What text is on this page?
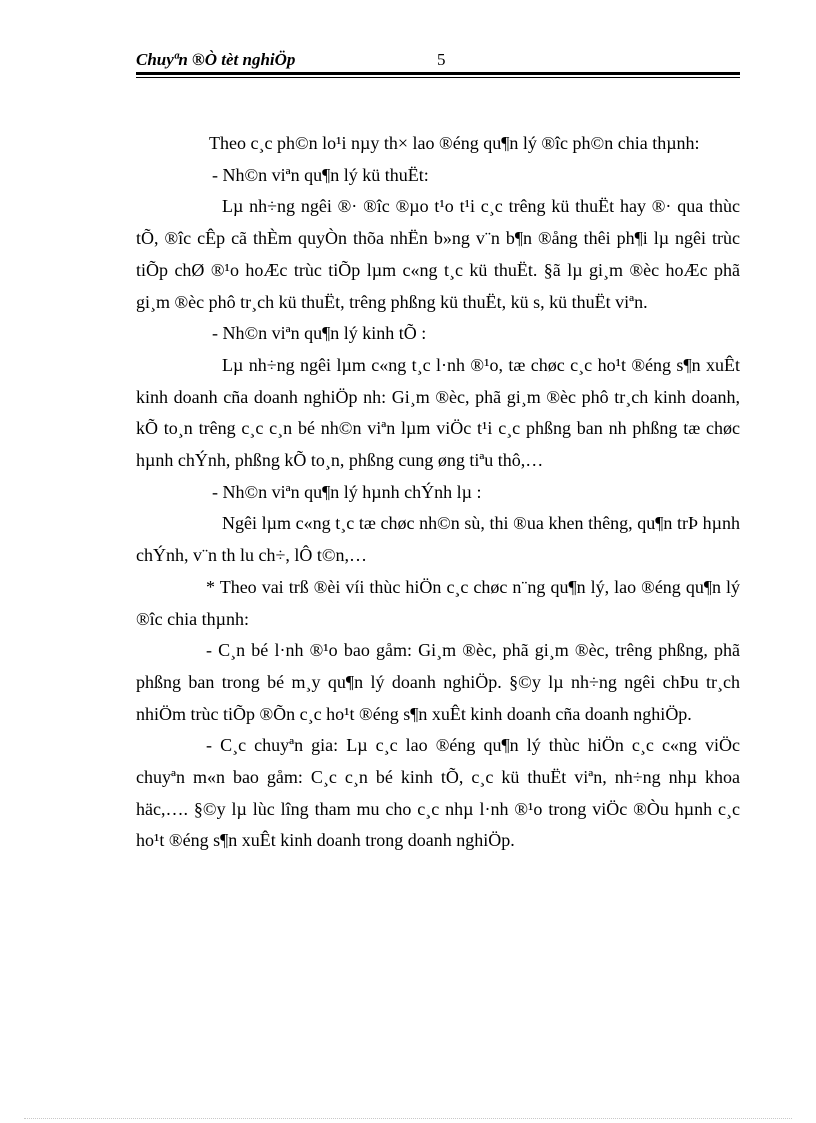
Chuyªn ®Ò tèt nghiÖp	5

Theo c¸c ph©n lo¹i nµy th× lao ®éng qu¶n lý ®îc ph©n chia thµnh:

- Nh©n viªn qu¶n lý kü thuËt:

Lµ nh÷ng ngêi ®· ®îc ®µo t¹o t¹i c¸c trêng kü thuËt hay ®· qua thùc tÕ, ®îc cÊp cã thÈm quyÒn thõa nhËn b»ng v¨n b¶n ®ång thêi ph¶i lµ ngêi trùc tiÕp chØ ®¹o hoÆc trùc tiÕp lµm c«ng t¸c kü thuËt. §ã lµ gi¸m ®èc hoÆc phã gi¸m ®èc phô tr¸ch kü thuËt, trêng phßng kü thuËt, kü s, kü thuËt viªn.

- Nh©n viªn qu¶n lý kinh tÕ :

Lµ nh÷ng ngêi lµm c«ng t¸c l·nh ®¹o, tæ chøc c¸c ho¹t ®éng s¶n xuÊt kinh doanh cña doanh nghiÖp nh: Gi¸m ®èc, phã gi¸m ®èc phô tr¸ch kinh doanh, kÕ to¸n trêng c¸c c¸n bé nh©n viªn lµm viÖc t¹i c¸c phßng ban nh phßng tæ chøc hµnh chÝnh, phßng kÕ to¸n, phßng cung øng tiªu thô,…

- Nh©n viªn qu¶n lý hµnh chÝnh lµ :

Ngêi lµm c«ng t¸c tæ chøc nh©n sù, thi ®ua khen thêng, qu¶n trÞ hµnh chÝnh, v¨n th lu ch÷, lÔ t©n,…

* Theo vai trß ®èi víi thùc hiÖn c¸c chøc n¨ng qu¶n lý, lao ®éng qu¶n lý ®îc chia thµnh:

- C¸n bé l·nh ®¹o bao gåm: Gi¸m ®èc, phã gi¸m ®èc, trêng phßng, phã phßng ban trong bé m¸y qu¶n lý doanh nghiÖp. §©y lµ nh÷ng ngêi chÞu tr¸ch nhiÖm trùc tiÕp ®Õn c¸c ho¹t ®éng s¶n xuÊt kinh doanh cña doanh nghiÖp.

- C¸c chuyªn gia: Lµ c¸c lao ®éng qu¶n lý thùc hiÖn c¸c c«ng viÖc chuyªn m«n bao gåm: C¸c c¸n bé kinh tÕ, c¸c kü thuËt viªn, nh÷ng nhµ khoa häc,…. §©y lµ lùc lîng tham mu cho c¸c nhµ l·nh ®¹o trong viÖc ®Òu hµnh c¸c ho¹t ®éng s¶n xuÊt kinh doanh trong doanh nghiÖp.
